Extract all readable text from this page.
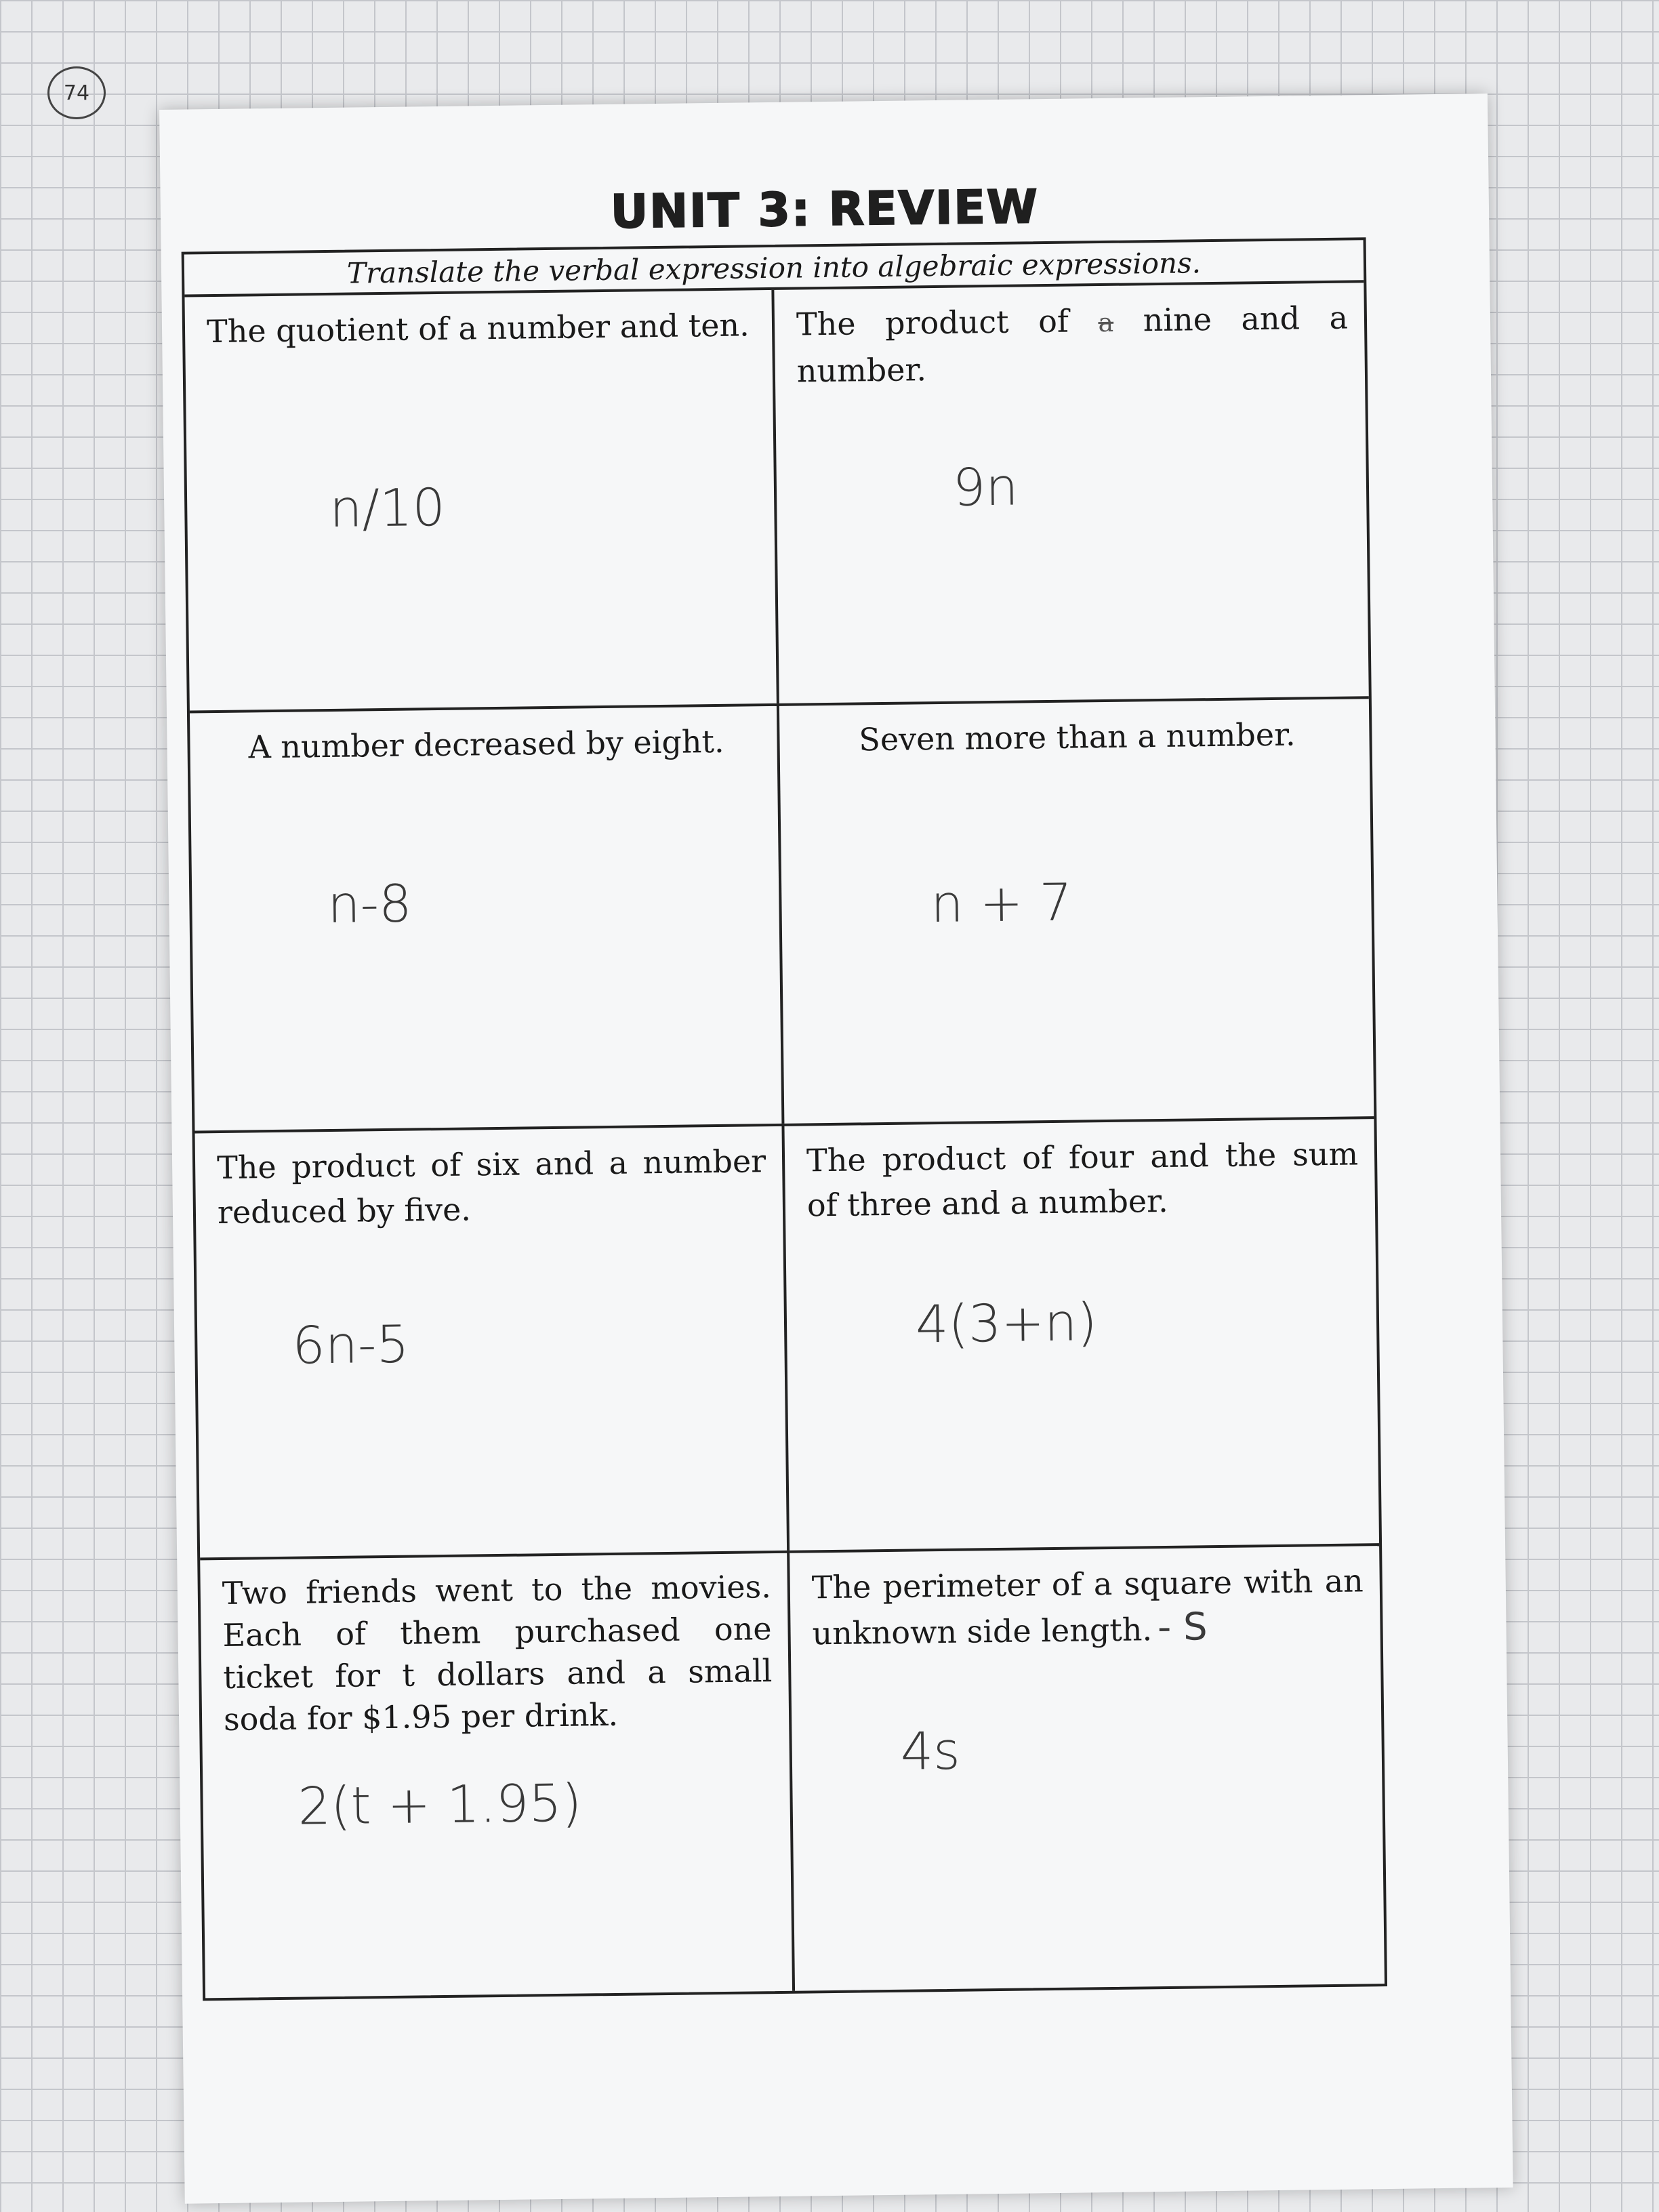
74
UNIT 3: REVIEW
Translate the verbal expression into algebraic expressions.
The quotient of a number and ten.
n/10
The product of a nine and a number.
9n
A number decreased by eight.
n-8
Seven more than a number.
n + 7
The product of six and a number reduced by five.
6n-5
The product of four and the sum of three and a number.
4(3+n)
Two friends went to the movies. Each of them purchased one ticket for t dollars and a small soda for $1.95 per drink.
2(t + 1.95)
The perimeter of a square with an unknown side length. - S
4s
